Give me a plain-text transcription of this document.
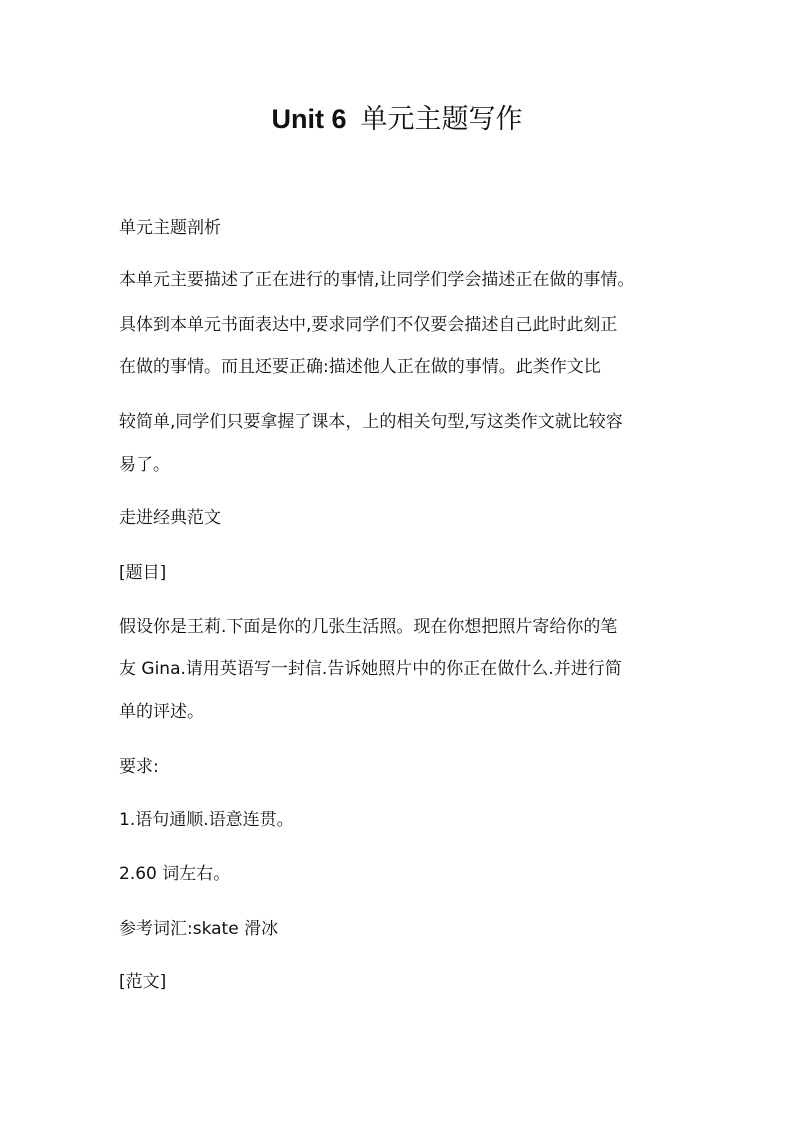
Unit 6 单元主题写作
单元主题剖析
本单元主要描述了正在进行的事情,让同学们学会描述正在做的事情。
具体到本单元书面表达中,要求同学们不仅要会描述自己此时此刻正
在做的事情。而且还要正确:描述他人正在做的事情。此类作文比
较简单,同学们只要拿握了课本，上的相关句型,写这类作文就比较容
易了。
走进经典范文
[题目]
假设你是王莉.下面是你的几张生活照。现在你想把照片寄给你的笔
友 Gina.请用英语写一封信.告诉她照片中的你正在做什么.并进行简
单的评述。
要求:
1.语句通顺.语意连贯。
2.60 词左右。
参考词汇:skate 滑冰
[范文]
